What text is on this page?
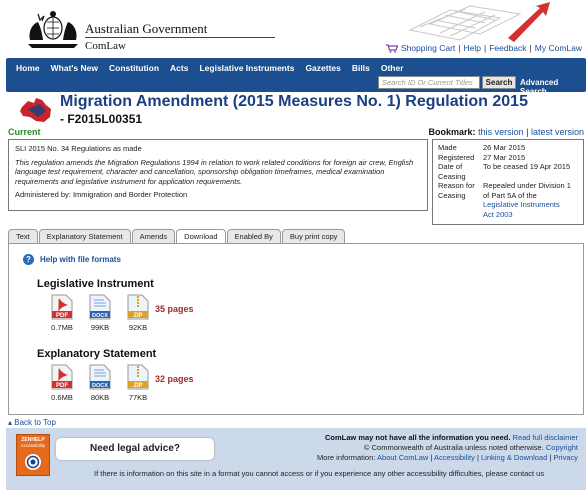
Australian Government
ComLaw	Shopping Cart | Help | Feedback | My ComLaw
Home What's New Constitution Acts Legislative Instruments Gazettes Bills Other
Search ID Or Current Titles	Search Advanced Search
Migration Amendment (2015 Measures No. 1) Regulation 2015
- F2015L00351
Current	Bookmark: this version | latest version
SLI 2015 No. 34 Regulations as made
This regulation amends the Migration Regulations 1994 in relation to work related conditions for foreign air crew, English language test requirement, character and cancellation, sponsorship obligation timeframes, medical examination requirements and legislative instrument for application requirements.
Administered by: Immigration and Border Protection
Made	26 Mar 2015
Registered	27 Mar 2015
Date of	To be ceased 19 Apr 2015
Ceasing
Reason for	Repealed under Division 1
Ceasing	of Part 5A of the
Legislative Instruments
Act 2003
Text	Explanatory Statement	Amends	Download	Enabled By	Buy print copy
?	Help with file formats
Legislative Instrument
PDF
0.7MB
DOCX
99KB
ZIP
92KB
35 pages
Explanatory Statement
PDF
0.6MB
DOCX
80KB
ZIP
77KB
32 pages
▴ Back to Top
ZENHELP
Accessibility	Need legal advice?
ComLaw may not have all the information you need. Read full disclaimer
© Commonwealth of Australia unless noted otherwise. Copyright
More information: About ComLaw | Accessibility | Linking & Download | Privacy
If there is information on this site in a format you cannot access or if you experience any other accessibility difficulties, please contact us
